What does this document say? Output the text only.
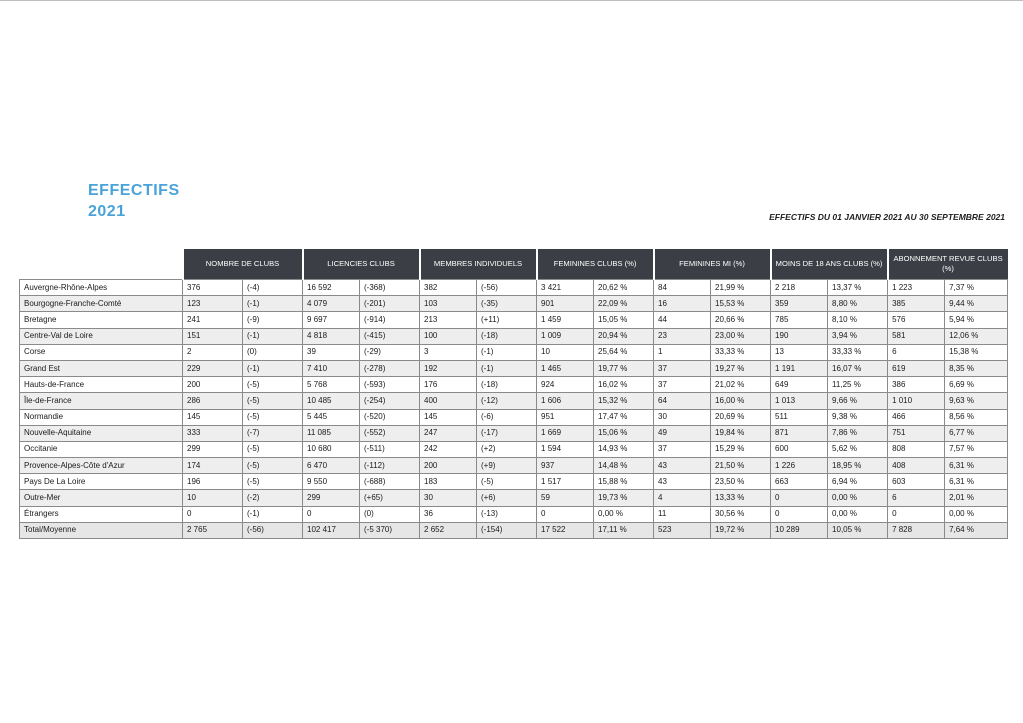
EFFECTIFS
2021	EFFECTIFS DU 01 JANVIER 2021 AU 30 SEPTEMBRE 2021
	NOMBRE DE CLUBS		LICENCIES CLUBS		MEMBRES INDIVIDUELS		FEMININES CLUBS (%)		FEMININES MI (%)		MOINS DE 18 ANS CLUBS (%)		ABONNEMENT REVUE CLUBS (%)	
Auvergne-Rhône-Alpes	376	(-4)	16 592	(-368)	382	(-56)	3 421	20,62 %	84	21,99 %	2 218	13,37 %	1 223	7,37 %
Bourgogne-Franche-Comté	123	(-1)	4 079	(-201)	103	(-35)	901	22,09 %	16	15,53 %	359	8,80 %	385	9,44 %
Bretagne	241	(-9)	9 697	(-914)	213	(+11)	1 459	15,05 %	44	20,66 %	785	8,10 %	576	5,94 %
Centre-Val de Loire	151	(-1)	4 818	(-415)	100	(-18)	1 009	20,94 %	23	23,00 %	190	3,94 %	581	12,06 %
Corse	2	(0)	39	(-29)	3	(-1)	10	25,64 %	1	33,33 %	13	33,33 %	6	15,38 %
Grand Est	229	(-1)	7 410	(-278)	192	(-1)	1 465	19,77 %	37	19,27 %	1 191	16,07 %	619	8,35 %
Hauts-de-France	200	(-5)	5 768	(-593)	176	(-18)	924	16,02 %	37	21,02 %	649	11,25 %	386	6,69 %
Île-de-France	286	(-5)	10 485	(-254)	400	(-12)	1 606	15,32 %	64	16,00 %	1 013	9,66 %	1 010	9,63 %
Normandie	145	(-5)	5 445	(-520)	145	(-6)	951	17,47 %	30	20,69 %	511	9,38 %	466	8,56 %
Nouvelle-Aquitaine	333	(-7)	11 085	(-552)	247	(-17)	1 669	15,06 %	49	19,84 %	871	7,86 %	751	6,77 %
Occitanie	299	(-5)	10 680	(-511)	242	(+2)	1 594	14,93 %	37	15,29 %	600	5,62 %	808	7,57 %
Provence-Alpes-Côte d'Azur	174	(-5)	6 470	(-112)	200	(+9)	937	14,48 %	43	21,50 %	1 226	18,95 %	408	6,31 %
Pays De La Loire	196	(-5)	9 550	(-688)	183	(-5)	1 517	15,88 %	43	23,50 %	663	6,94 %	603	6,31 %
Outre-Mer	10	(-2)	299	(+65)	30	(+6)	59	19,73 %	4	13,33 %	0	0,00 %	6	2,01 %
Étrangers	0	(-1)	0	(0)	36	(-13)	0	0,00 %	11	30,56 %	0	0,00 %	0	0,00 %
Total/Moyenne	2 765	(-56)	102 417	(-5 370)	2 652	(-154)	17 522	17,11 %	523	19,72 %	10 289	10,05 %	7 828	7,64 %
